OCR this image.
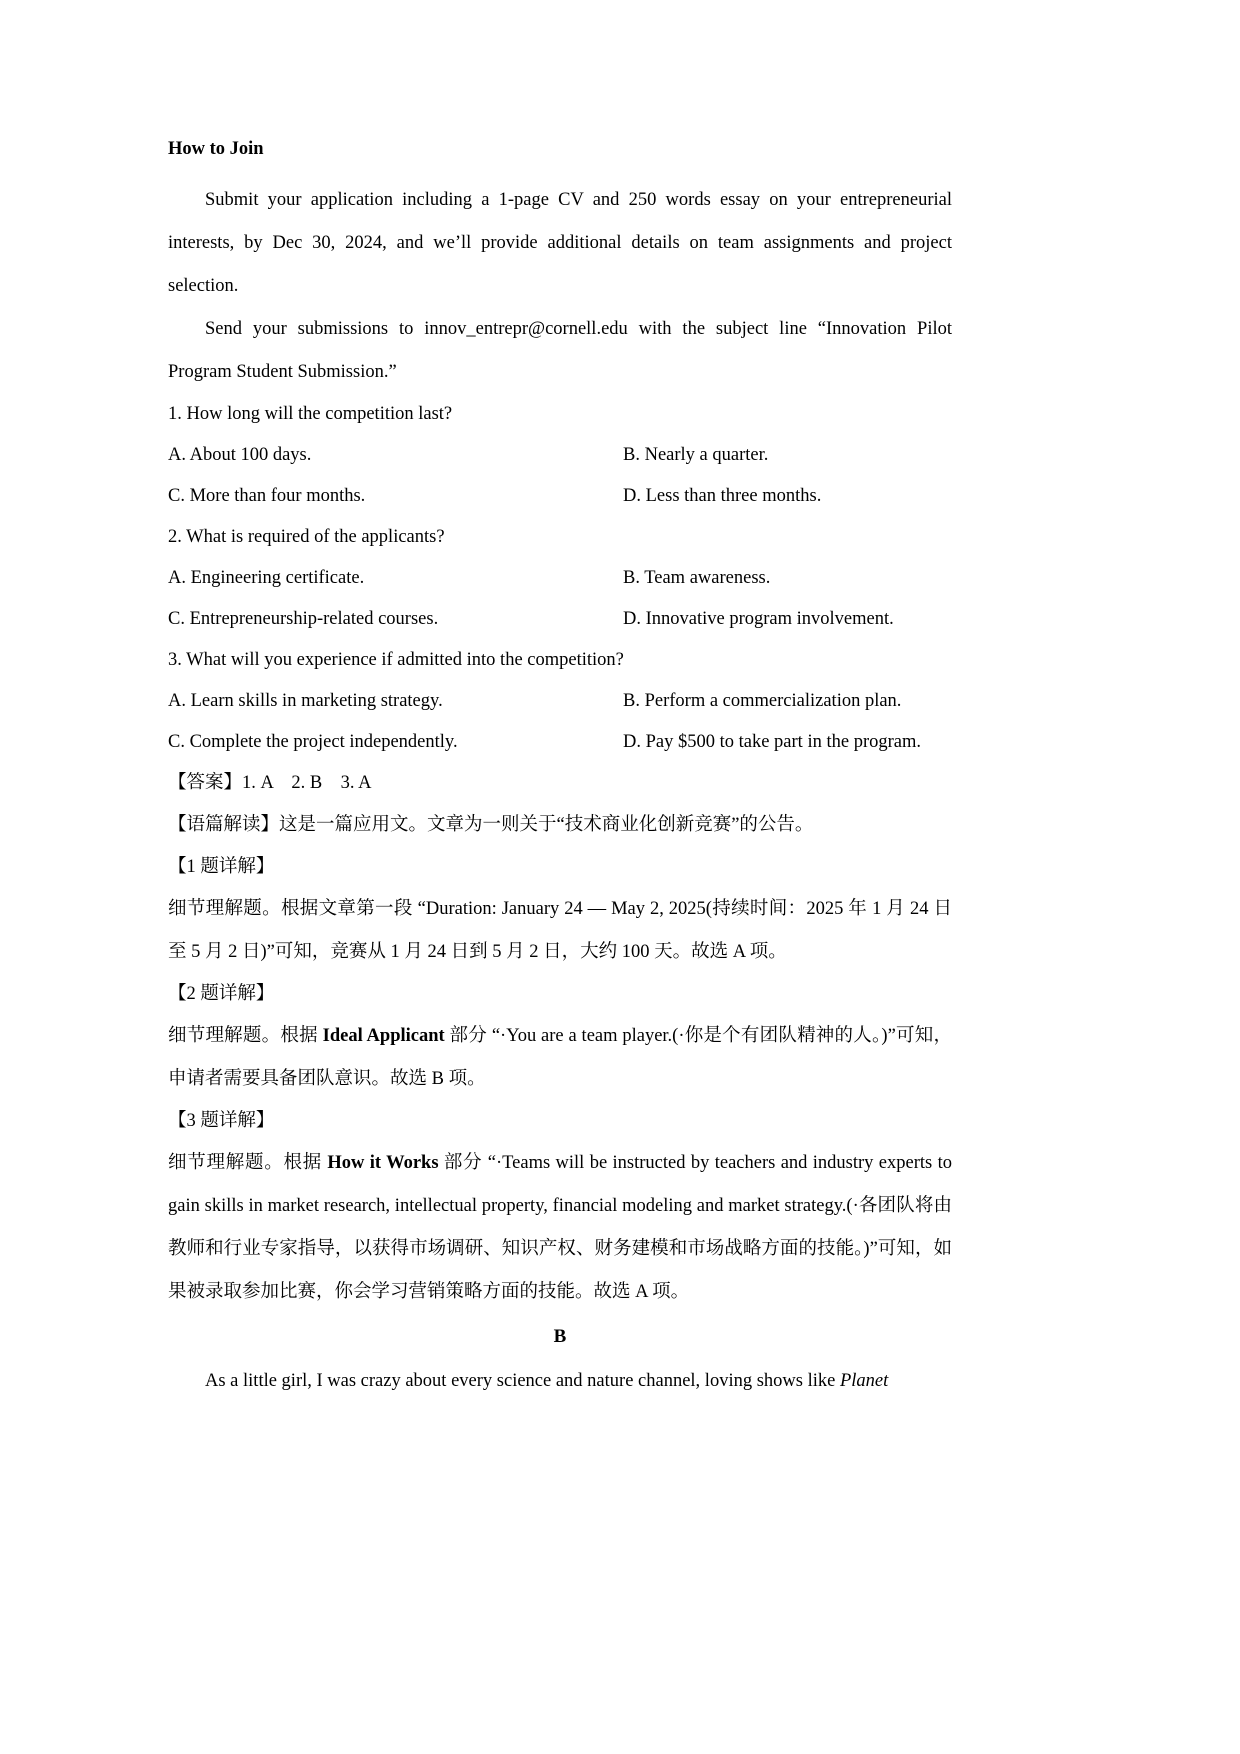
How to Join

Submit your application including a 1-page CV and 250 words essay on your entrepreneurial interests, by Dec 30, 2024, and we’ll provide additional details on team assignments and project selection.

Send your submissions to innov_entrepr@cornell.edu with the subject line “Innovation Pilot Program Student Submission.”

1. How long will the competition last?

A. About 100 days.	B. Nearly a quarter.
C. More than four months.	D. Less than three months.

2. What is required of the applicants?

A. Engineering certificate.	B. Team awareness.
C. Entrepreneurship-related courses.	D. Innovative program involvement.

3. What will you experience if admitted into the competition?

A. Learn skills in marketing strategy.	B. Perform a commercialization plan.
C. Complete the project independently.	D. Pay $500 to take part in the program.

【答案】1. A　2. B　3. A

【语篇解读】这是一篇应用文。文章为一则关于“技术商业化创新竞赛”的公告。

【1 题详解】

细节理解题。根据文章第一段 “Duration: January 24 — May 2, 2025(持续时间：2025 年 1 月 24 日至 5 月 2 日)”可知，竞赛从 1 月 24 日到 5 月 2 日，大约 100 天。故选 A 项。

【2 题详解】

细节理解题。根据 Ideal Applicant 部分 “·You are a team player.(·你是个有团队精神的人。)”可知，申请者需要具备团队意识。故选 B 项。

【3 题详解】

细节理解题。根据 How it Works 部分 “·Teams will be instructed by teachers and industry experts to gain skills in market research, intellectual property, financial modeling and market strategy.(·各团队将由教师和行业专家指导，以获得市场调研、知识产权、财务建模和市场战略方面的技能。)”可知，如果被录取参加比赛，你会学习营销策略方面的技能。故选 A 项。

B

As a little girl, I was crazy about every science and nature channel, loving shows like Planet
